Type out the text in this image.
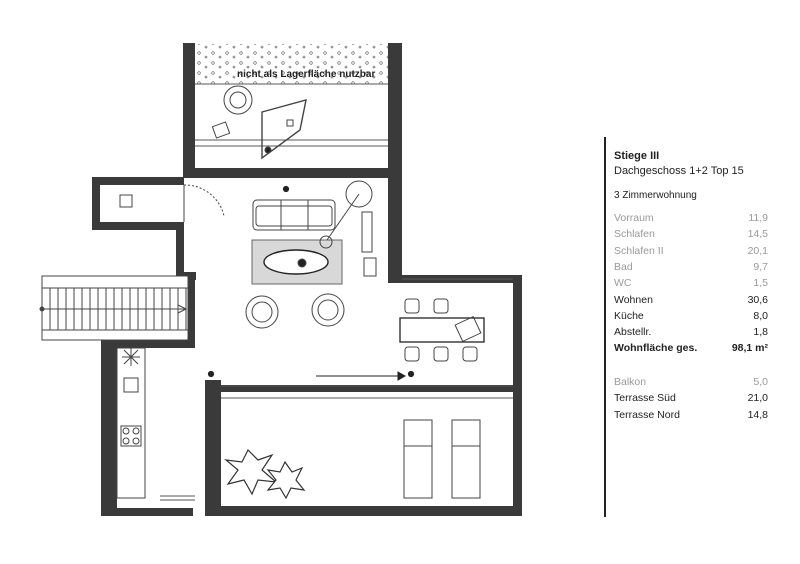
nicht als Lagerfläche nutzbar
Stiege III
Dachgeschoss 1+2 Top 15
3 Zimmerwohnung
Vorraum	11,9
Schlafen	14,5
Schlafen II	20,1
Bad	9,7
WC	1,5
Wohnen	30,6
Küche	8,0
Abstellr.	1,8
Wohnfläche ges.	98,1 m²
Balkon	5,0
Terrasse Süd	21,0
Terrasse Nord	14,8
